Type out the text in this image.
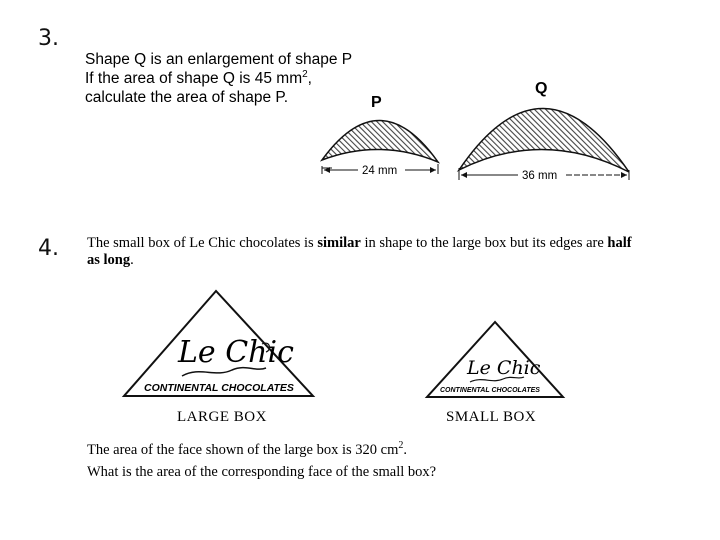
3.
Shape Q is an enlargement of shape P
If the area of shape Q is 45 $mm^2$,
calculate the area of shape P.	P
24 mm
Q
36 mm
Le Chic
CONTINENTAL CHOCOLATES
LARGE BOX
Le Chic
CONTINENTAL CHOCOLATES
SMALL BOX
4. The small box of Le Chic chocolates is similar in shape to the large box but its edges are half as long.
The area of the face shown of the large box is 320 $cm^2$.
What is the area of the corresponding face of the small box?
